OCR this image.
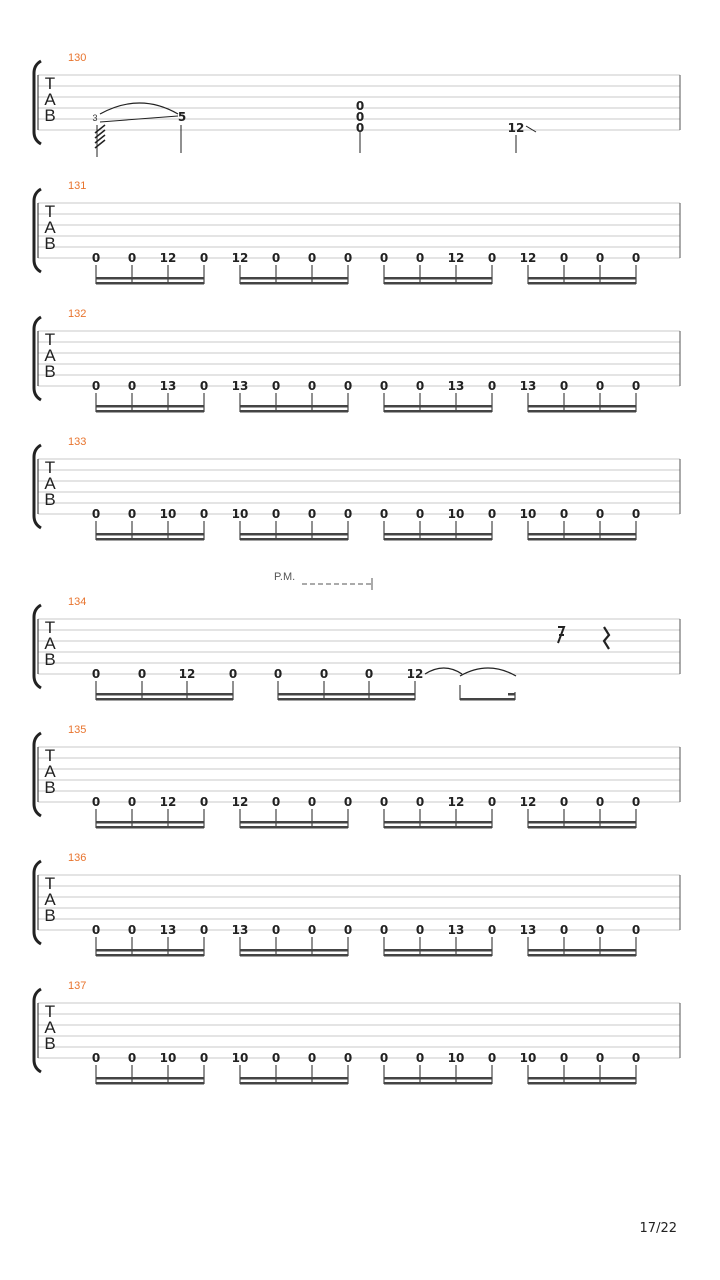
130
T
A
B	3	5
0
0
0	12
131
T
A
B
0 0 12 0 12 0 0 0 0 0 12 0 12 0 0 0
132
T
A
B
0 0 13 0 13 0 0 0 0 0 13 0 13 0 0 0
133
T
A
B
0 0 10 0 10 0 0 0 0 0 10 0 10 0 0 0
134
T
A
B
0	0	12	0	0	0	0	12
P.M.
135
T
A
B
0 0 12 0 12 0 0 0 0 0 12 0 12 0 0 0
136
T
A
B
0 0 13 0 13 0 0 0 0 0 13 0 13 0 0 0
137
T
A
B
0 0 10 0 10 0 0 0 0 0 10 0 10 0 0 0
17/22
